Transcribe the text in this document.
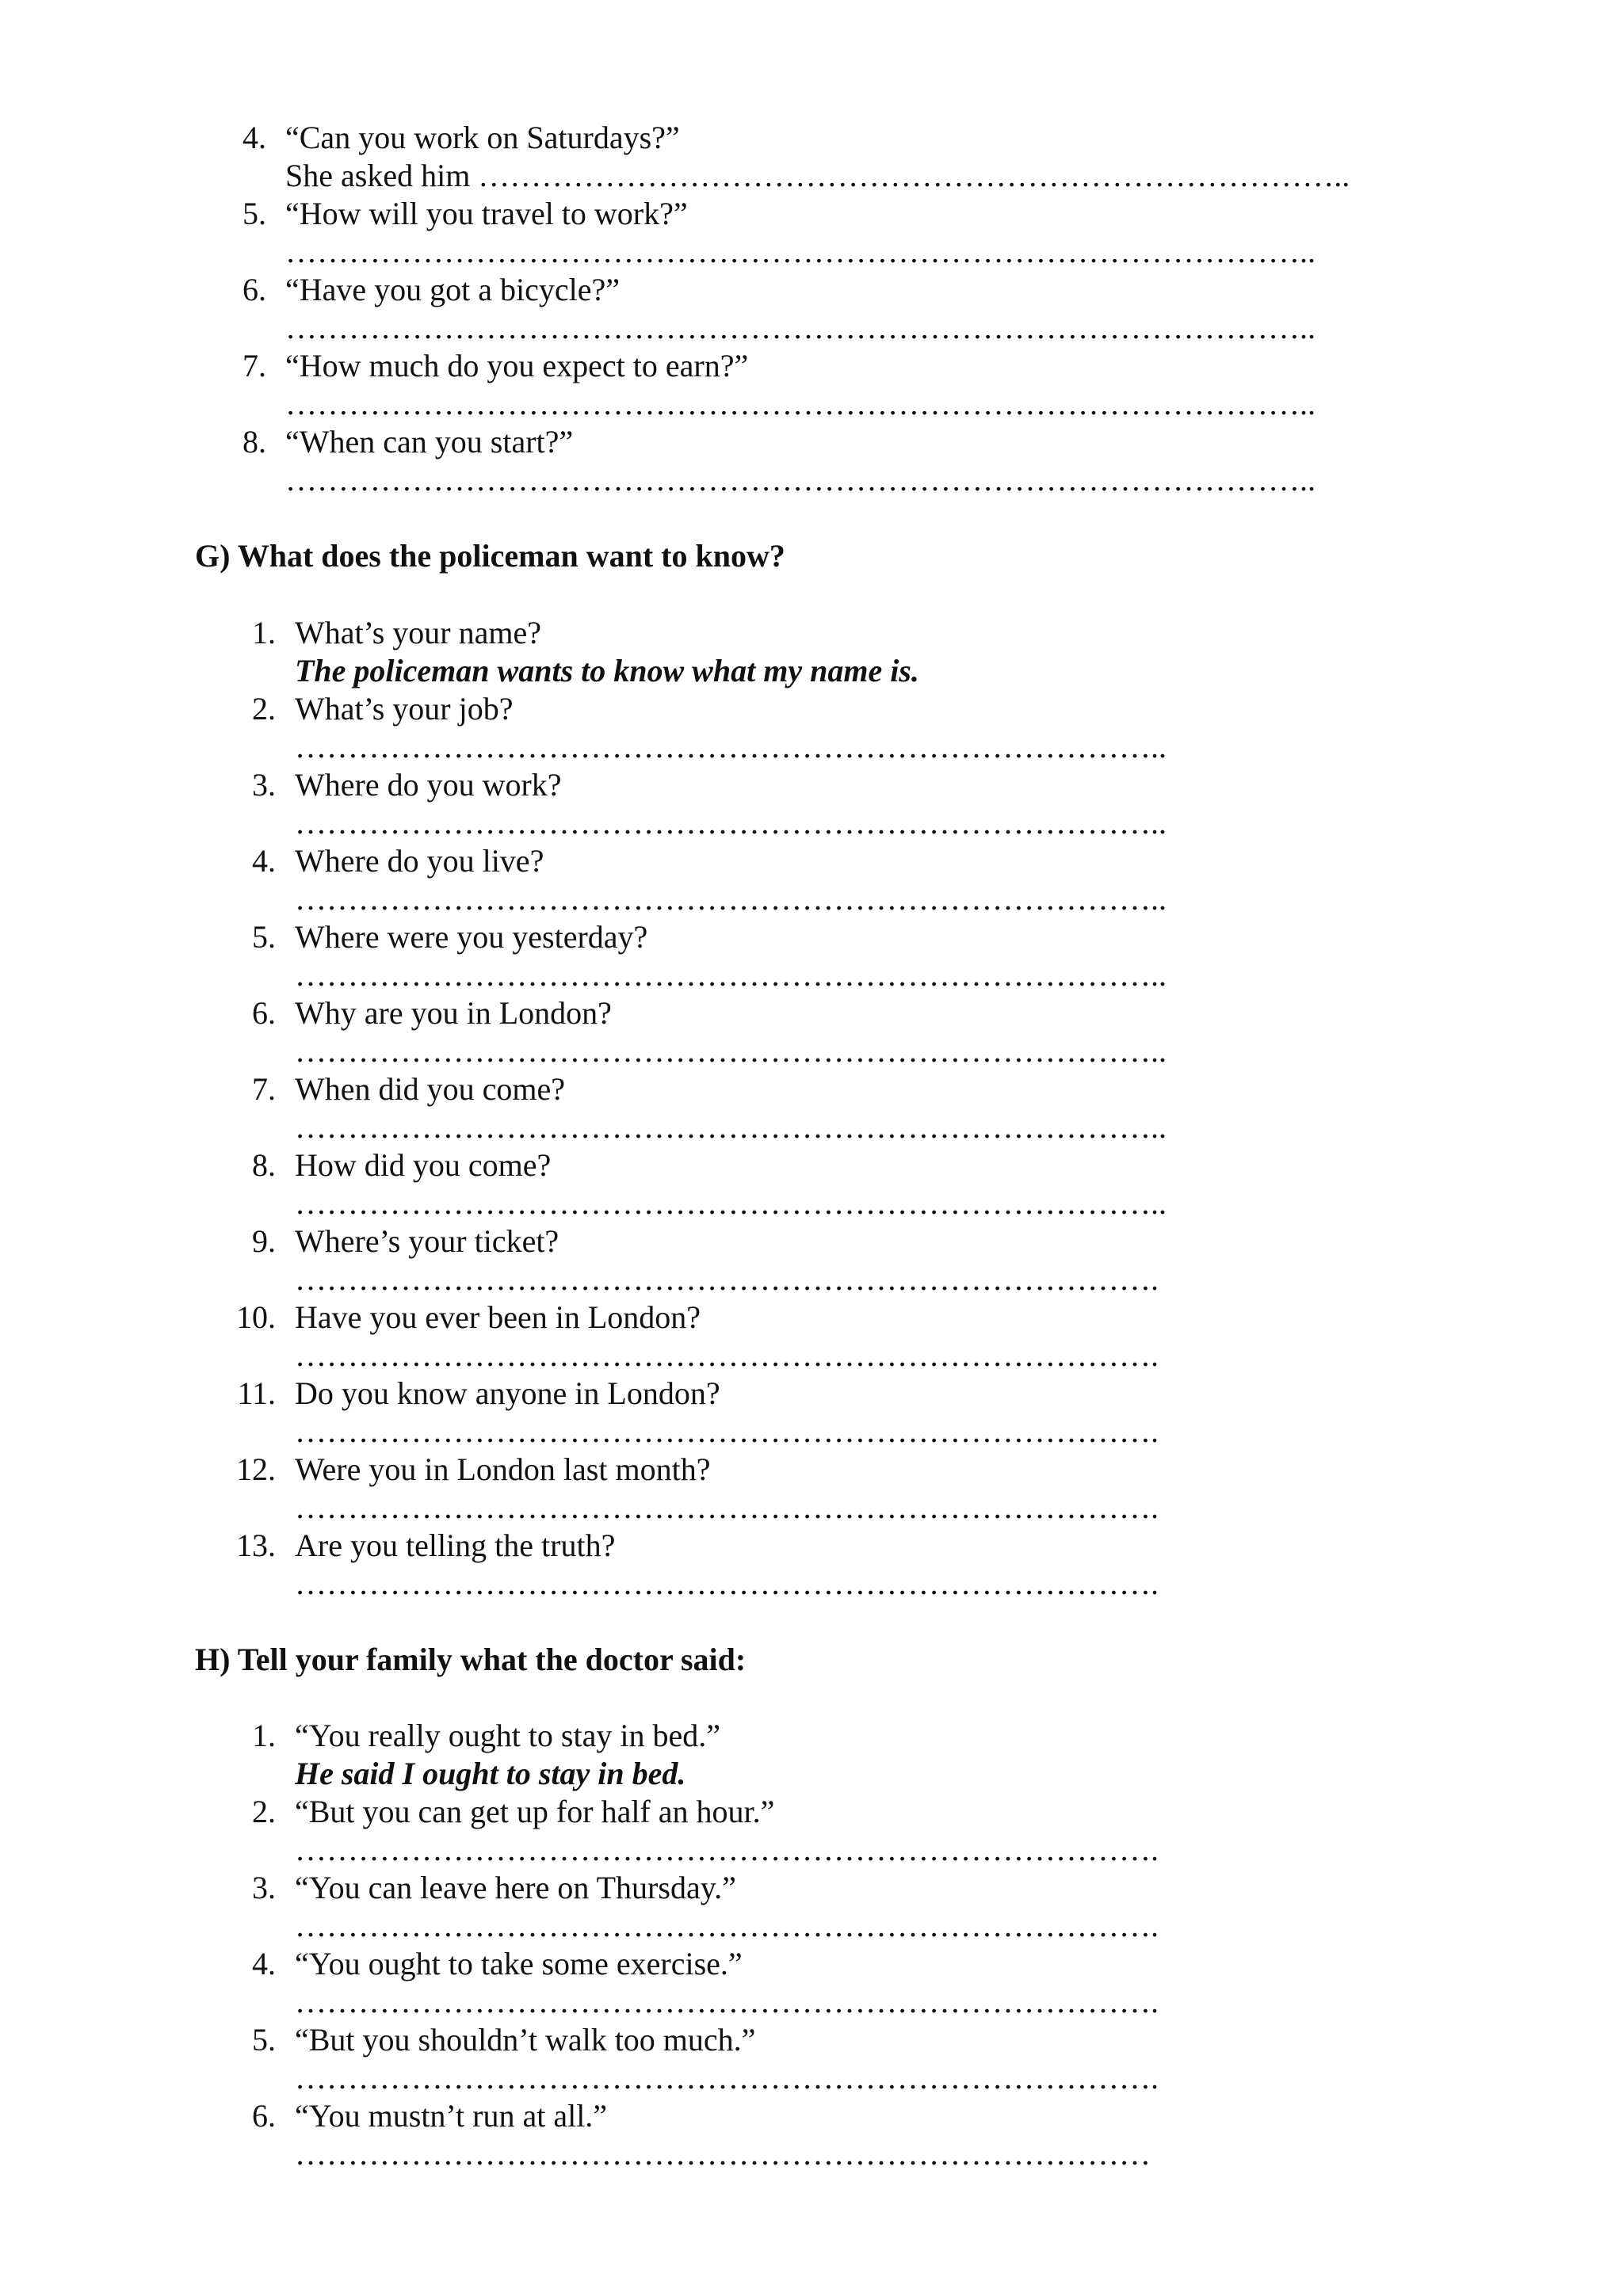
4. “Can you work on Saturdays?”
She asked him ………………………………………………………………………..
5. “How will you travel to work?”
……………………………………………………………………………………..
6. “Have you got a bicycle?”
……………………………………………………………………………………..
7. “How much do you expect to earn?”
……………………………………………………………………………………..
8. “When can you start?”
……………………………………………………………………………………..
G) What does the policeman want to know?
1. What’s your name?
The policeman wants to know what my name is.
2. What’s your job?
………………………………………………………………………..
3. Where do you work?
………………………………………………………………………..
4. Where do you live?
………………………………………………………………………..
5. Where were you yesterday?
………………………………………………………………………..
6. Why are you in London?
………………………………………………………………………..
7. When did you come?
………………………………………………………………………..
8. How did you come?
………………………………………………………………………..
9. Where’s your ticket?
……………………………………………………………………….
10. Have you ever been in London?
……………………………………………………………………….
11. Do you know anyone in London?
……………………………………………………………………….
12. Were you in London last month?
……………………………………………………………………….
13. Are you telling the truth?
……………………………………………………………………….
H) Tell your family what the doctor said:
1. “You really ought to stay in bed.”
He said I ought to stay in bed.
2. “But you can get up for half an hour.”
……………………………………………………………………….
3. “You can leave here on Thursday.”
……………………………………………………………………….
4. “You ought to take some exercise.”
……………………………………………………………………….
5. “But you shouldn’t walk too much.”
……………………………………………………………………….
6. “You mustn’t run at all.”
………………………………………………………………………
